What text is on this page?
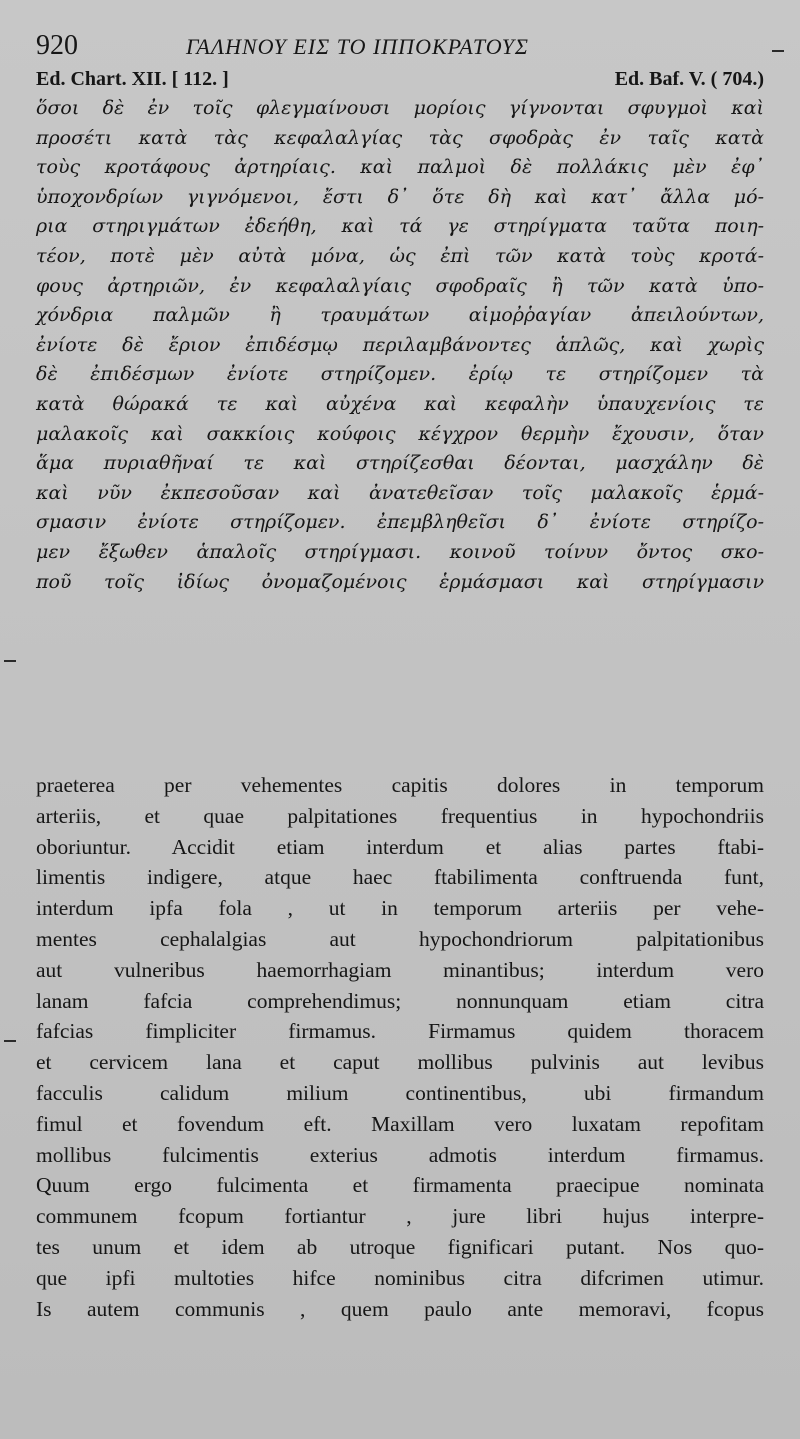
920	ΓΑΛΗΝΟΥ ΕΙΣ ΤΟ ΙΠΠΟΚΡΑΤΟΥΣ
Ed. Chart. XII. [ 112. ]	Ed. Baf. V. ( 704.)
ὅσοι δὲ ἐν τοῖς φλεγμαίνουσι μορίοις γίγνονται σφυγμοὶ καὶ
προσέτι κατὰ τὰς κεφαλαλγίας τὰς σφοδρὰς ἐν ταῖς κατὰ
τοὺς κροτάφους ἀρτηρίαις. καὶ παλμοὶ δὲ πολλάκις μὲν ἐφ᾽
ὑποχονδρίων γιγνόμενοι, ἔστι δ᾽ ὅτε δὴ καὶ κατ᾽ ἄλλα μό-
ρια στηριγμάτων ἐδεήθη, καὶ τά γε στηρίγματα ταῦτα ποιη-
τέον, ποτὲ μὲν αὐτὰ μόνα, ὡς ἐπὶ τῶν κατὰ τοὺς κροτά-
φους ἀρτηριῶν, ἐν κεφαλαλγίαις σφοδραῖς ἢ τῶν κατὰ ὑπο-
χόνδρια παλμῶν ἢ τραυμάτων αἱμοῤῥαγίαν ἀπειλούντων,
ἐνίοτε δὲ ἔριον ἐπιδέσμῳ περιλαμβάνοντες ἁπλῶς, καὶ χωρὶς
δὲ ἐπιδέσμων ἐνίοτε στηρίζομεν. ἐρίῳ τε στηρίζομεν τὰ
κατὰ θώρακά τε καὶ αὐχένα καὶ κεφαλὴν ὑπαυχενίοις τε
μαλακοῖς καὶ σακκίοις κούφοις κέγχρον θερμὴν ἔχουσιν, ὅταν
ἅμα πυριαθῆναί τε καὶ στηρίζεσθαι δέονται, μασχάλην δὲ
καὶ νῦν ἐκπεσοῦσαν καὶ ἀνατεθεῖσαν τοῖς μαλακοῖς ἑρμά-
σμασιν ἐνίοτε στηρίζομεν. ἐπεμβληθεῖσι δ᾽ ἐνίοτε στηρίζο-
μεν ἔξωθεν ἁπαλοῖς στηρίγμασι. κοινοῦ τοίνυν ὄντος σκο-
ποῦ τοῖς ἰδίως ὀνομαζομένοις ἑρμάσμασι καὶ στηρίγμασιν
praeterea per vehementes capitis dolores in temporum
arteriis, et quae palpitationes frequentius in hypochondriis
oboriuntur. Accidit etiam interdum et alias partes ftabi-
limentis indigere, atque haec ftabilimenta conftruenda funt,
interdum ipfa fola , ut in temporum arteriis per vehe-
mentes cephalalgias aut hypochondriorum palpitationibus
aut vulneribus haemorrhagiam minantibus; interdum vero
lanam fafcia comprehendimus; nonnunquam etiam citra
fafcias fimpliciter firmamus. Firmamus quidem thoracem
et cervicem lana et caput mollibus pulvinis aut levibus
facculis calidum milium continentibus, ubi firmandum
fimul et fovendum eft. Maxillam vero luxatam repofitam
mollibus fulcimentis exterius admotis interdum firmamus.
Quum ergo fulcimenta et firmamenta praecipue nominata
communem fcopum fortiantur , jure libri hujus interpre-
tes unum et idem ab utroque fignificari putant. Nos quo-
que ipfi multoties hifce nominibus citra difcrimen utimur.
Is autem communis , quem paulo ante memoravi, fcopus
